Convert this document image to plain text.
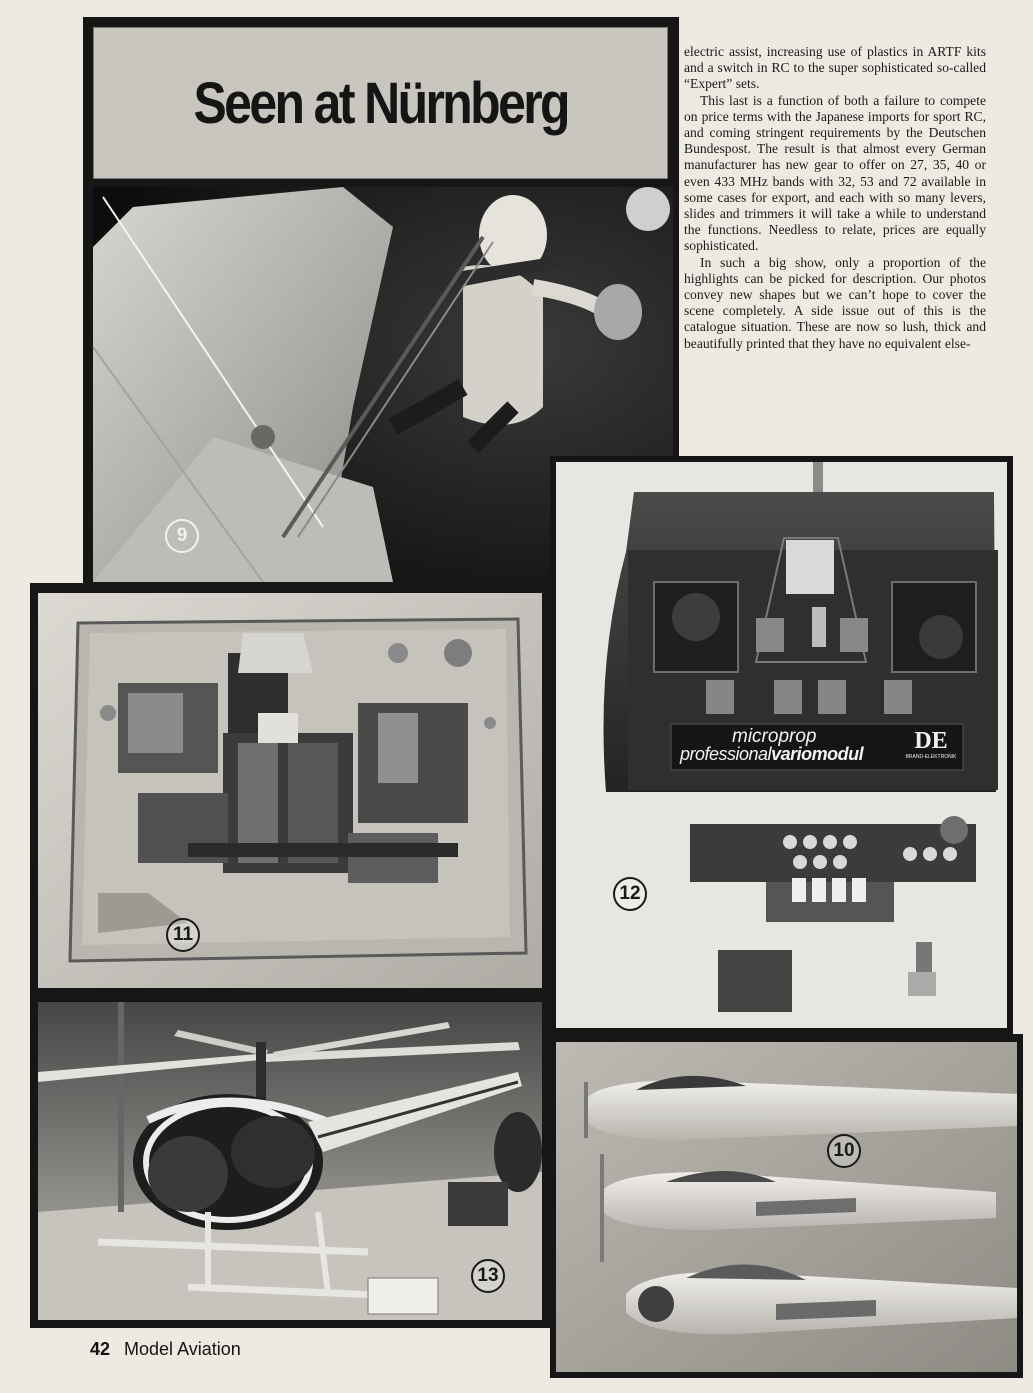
9
Seen at Nürnberg

electric assist, increasing use of plastics in ARTF kits and a switch in RC to the super sophisticated so-called “Expert” sets.

This last is a function of both a failure to compete on price terms with the Japanese imports for sport RC, and coming stringent requirements by the Deutschen Bundespost. The result is that almost every German manufacturer has new gear to offer on 27, 35, 40 or even 433 MHz bands with 32, 53 and 72 available in some cases for export, and each with so many levers, slides and trimmers it will take a while to understand the functions. Needless to relate, prices are equally sophisticated.

In such a big show, only a proportion of the highlights can be picked for description. Our photos convey new shapes but we can’t hope to cover the scene completely. A side issue out of this is the catalogue situation. These are now so lush, thick and beautifully printed that they have no equivalent else-

microprop
professionalvariomodul	DE
BRAND-ELEKTRONIK
12
11
13
10
42 Model Aviation
